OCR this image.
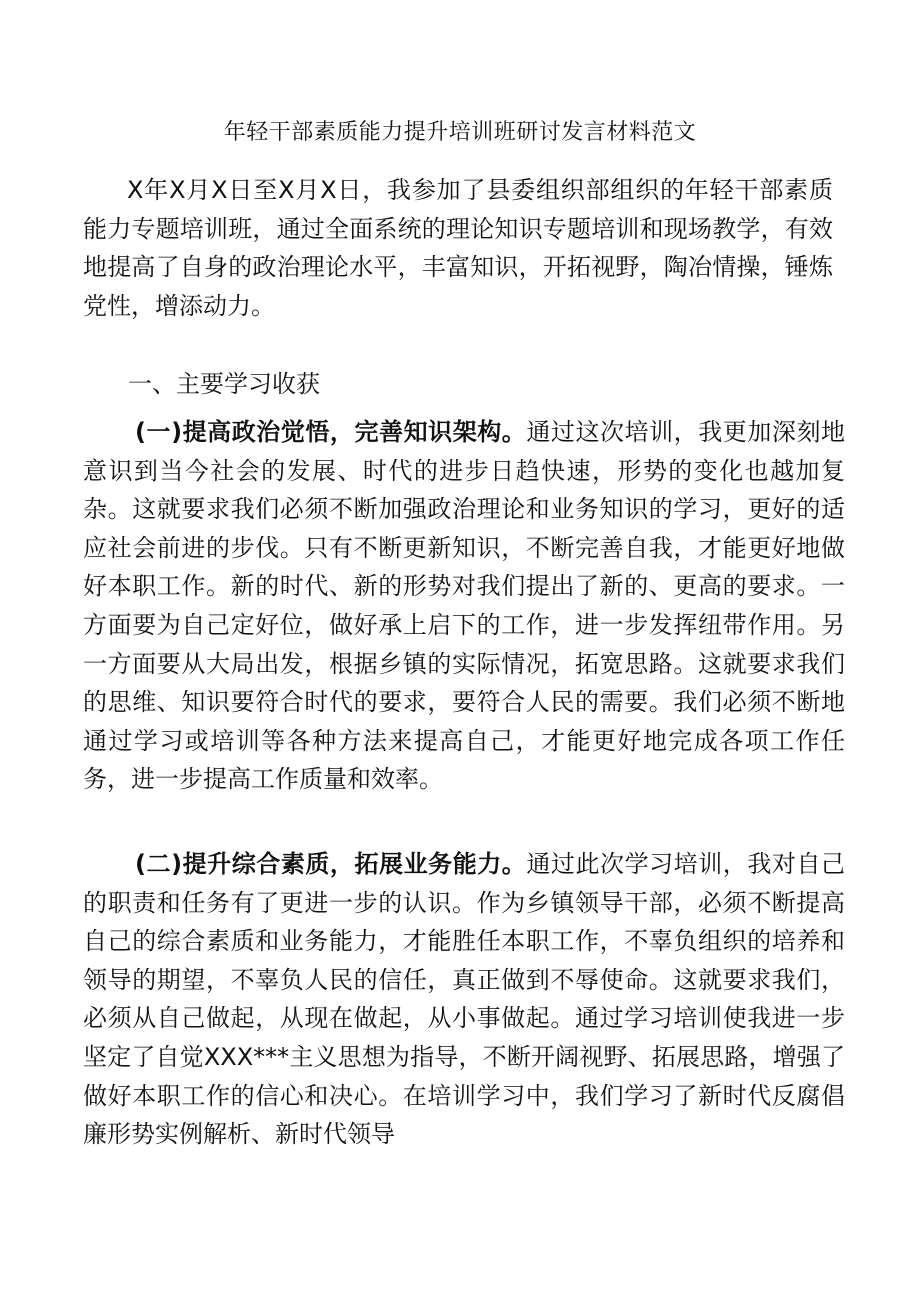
年轻干部素质能力提升培训班研讨发言材料范文

X年X月X日至X月X日，我参加了县委组织部组织的年轻干部素质能力专题培训班，通过全面系统的理论知识专题培训和现场教学，有效地提高了自身的政治理论水平，丰富知识，开拓视野，陶冶情操，锤炼党性，增添动力。

一、主要学习收获

(一)提高政治觉悟，完善知识架构。通过这次培训，我更加深刻地意识到当今社会的发展、时代的进步日趋快速，形势的变化也越加复杂。这就要求我们必须不断加强政治理论和业务知识的学习，更好的适应社会前进的步伐。只有不断更新知识，不断完善自我，才能更好地做好本职工作。新的时代、新的形势对我们提出了新的、更高的要求。一方面要为自己定好位，做好承上启下的工作，进一步发挥纽带作用。另一方面要从大局出发，根据乡镇的实际情况，拓宽思路。这就要求我们的思维、知识要符合时代的要求，要符合人民的需要。我们必须不断地通过学习或培训等各种方法来提高自己，才能更好地完成各项工作任务，进一步提高工作质量和效率。

(二)提升综合素质，拓展业务能力。通过此次学习培训，我对自己的职责和任务有了更进一步的认识。作为乡镇领导干部，必须不断提高自己的综合素质和业务能力，才能胜任本职工作，不辜负组织的培养和领导的期望，不辜负人民的信任，真正做到不辱使命。这就要求我们，必须从自己做起，从现在做起，从小事做起。通过学习培训使我进一步坚定了自觉XXX***主义思想为指导，不断开阔视野、拓展思路，增强了做好本职工作的信心和决心。在培训学习中，我们学习了新时代反腐倡廉形势实例解析、新时代领导
